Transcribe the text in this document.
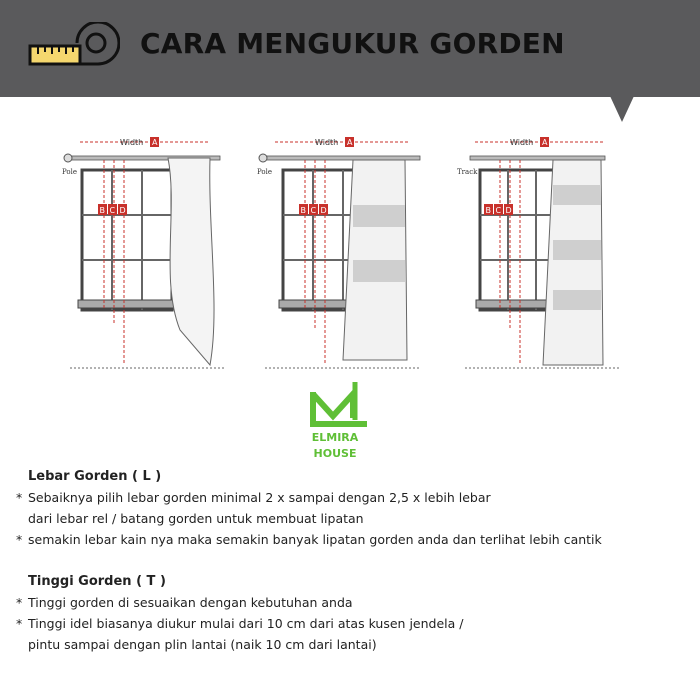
CARA MENGUKUR GORDEN
Width A
Pole
B C D
Width A
Pole
B C D
Width A
Track
B C D
ELMIRA
HOUSE
Lebar Gorden ( L )
* Sebaiknya pilih lebar gorden minimal 2 x sampai dengan 2,5 x lebih lebar
dari lebar rel / batang gorden untuk membuat lipatan
* semakin lebar kain nya maka semakin banyak lipatan gorden anda dan terlihat lebih cantik
Tinggi Gorden ( T )
* Tinggi gorden di sesuaikan dengan kebutuhan anda
* Tinggi idel biasanya diukur mulai dari 10 cm dari atas kusen jendela /
pintu sampai dengan plin lantai (naik 10 cm dari lantai)
